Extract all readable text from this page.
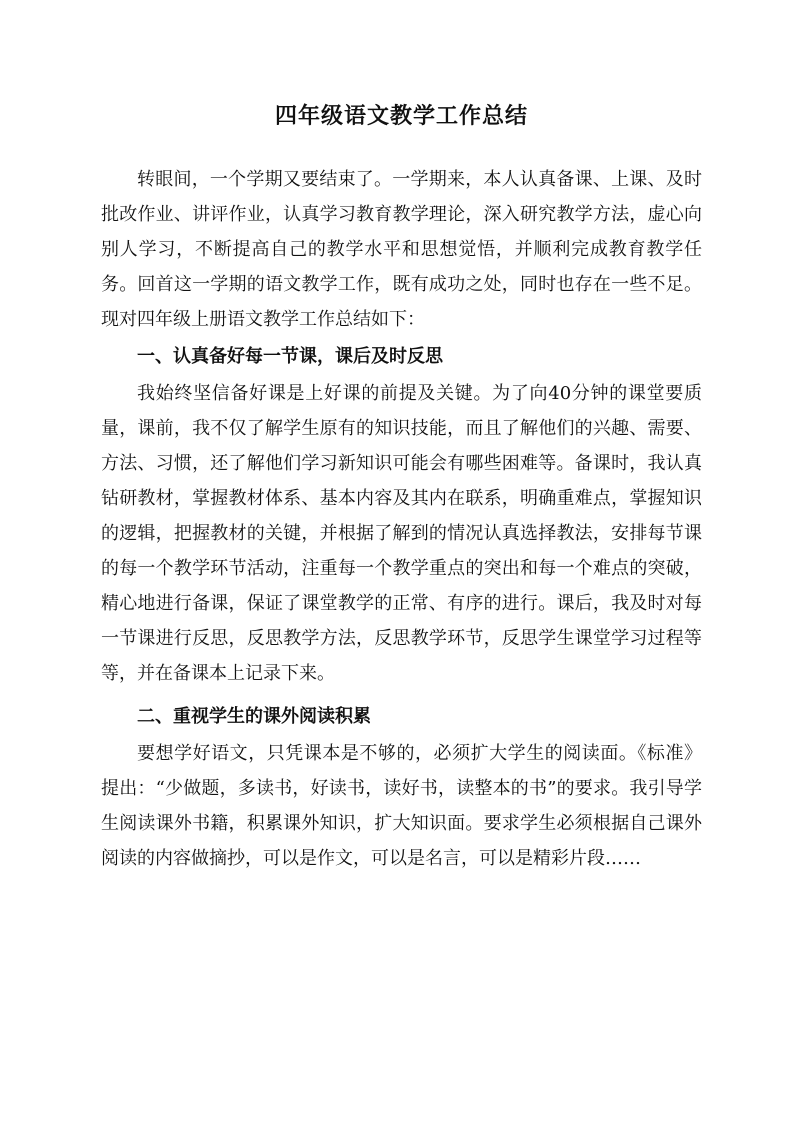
四年级语文教学工作总结

转眼间，一个学期又要结束了。一学期来，本人认真备课、上课、及时批改作业、讲评作业，认真学习教育教学理论，深入研究教学方法，虚心向别人学习，不断提高自己的教学水平和思想觉悟，并顺利完成教育教学任务。回首这一学期的语文教学工作，既有成功之处，同时也存在一些不足。现对四年级上册语文教学工作总结如下：

一、认真备好每一节课，课后及时反思

我始终坚信备好课是上好课的前提及关键。为了向40分钟的课堂要质量，课前，我不仅了解学生原有的知识技能，而且了解他们的兴趣、需要、方法、习惯，还了解他们学习新知识可能会有哪些困难等。备课时，我认真钻研教材，掌握教材体系、基本内容及其内在联系，明确重难点，掌握知识的逻辑，把握教材的关键，并根据了解到的情况认真选择教法，安排每节课的每一个教学环节活动，注重每一个教学重点的突出和每一个难点的突破，精心地进行备课，保证了课堂教学的正常、有序的进行。课后，我及时对每一节课进行反思，反思教学方法，反思教学环节，反思学生课堂学习过程等等，并在备课本上记录下来。

二、重视学生的课外阅读积累

要想学好语文，只凭课本是不够的，必须扩大学生的阅读面。《标准》提出：“少做题，多读书，好读书，读好书，读整本的书”的要求。我引导学生阅读课外书籍，积累课外知识，扩大知识面。要求学生必须根据自己课外阅读的内容做摘抄，可以是作文，可以是名言，可以是精彩片段……
